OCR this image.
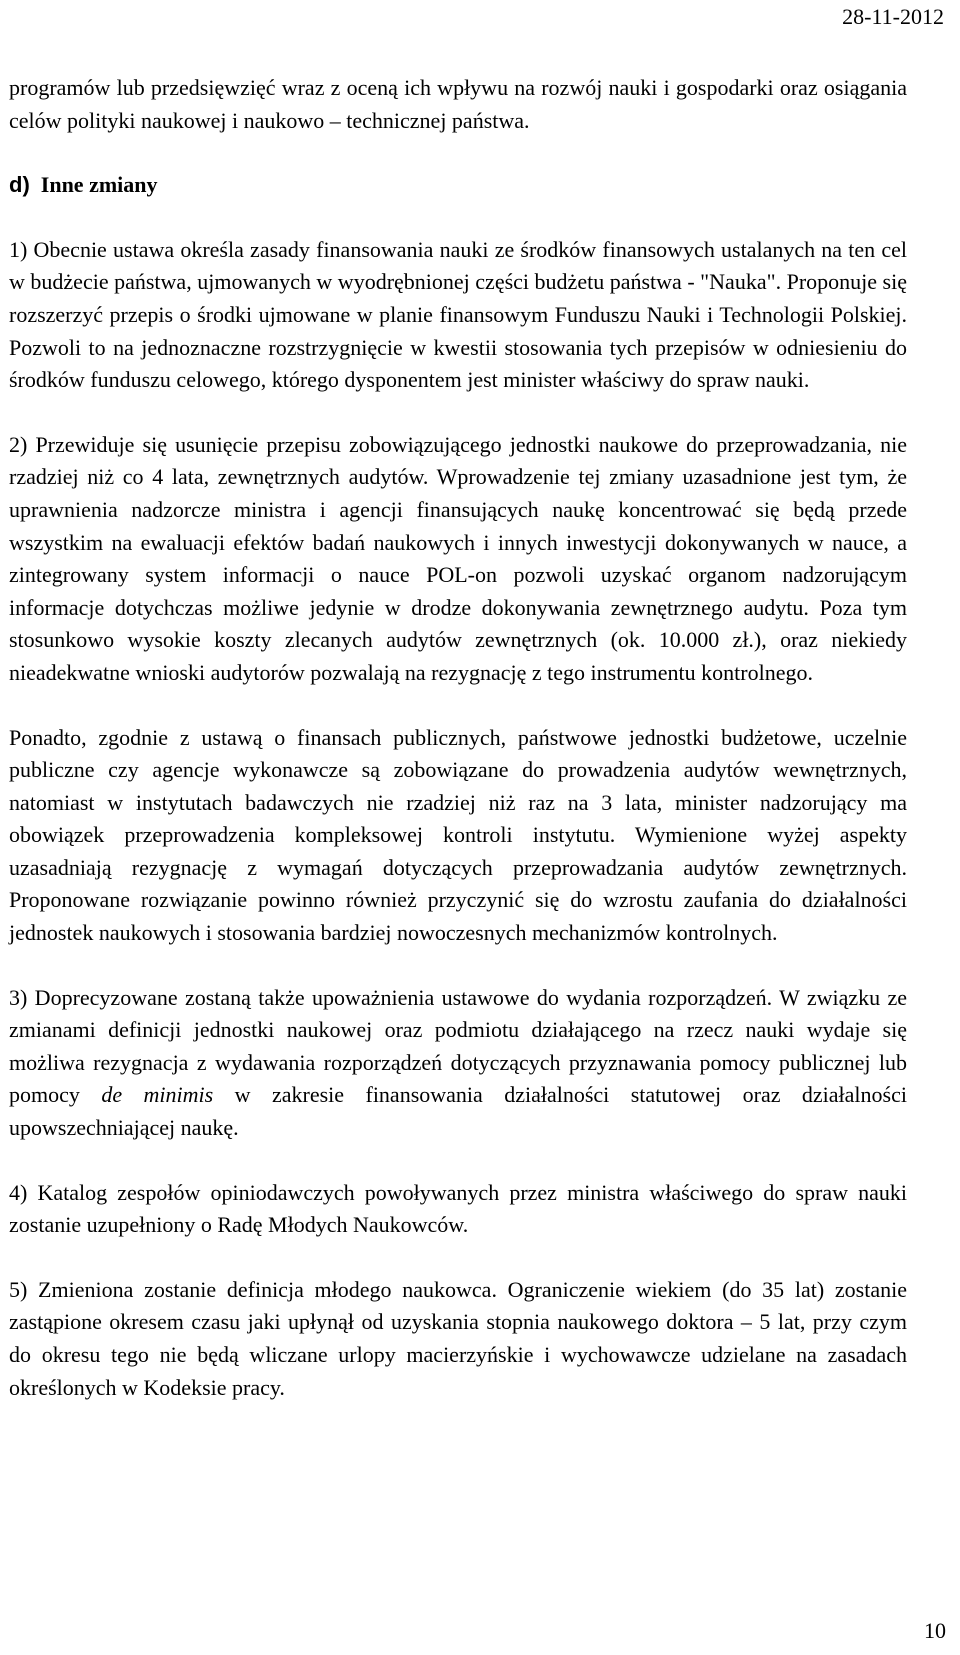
28-11-2012

programów lub przedsięwzięć wraz z oceną ich wpływu na rozwój nauki i gospodarki oraz osiągania celów polityki naukowej i naukowo – technicznej państwa.

d) Inne zmiany

1) Obecnie ustawa określa zasady finansowania nauki ze środków finansowych ustalanych na ten cel w budżecie państwa, ujmowanych w wyodrębnionej części budżetu państwa - "Nauka". Proponuje się rozszerzyć przepis o środki ujmowane w planie finansowym Funduszu Nauki i Technologii Polskiej. Pozwoli to na jednoznaczne rozstrzygnięcie w kwestii stosowania tych przepisów w odniesieniu do środków funduszu celowego, którego dysponentem jest minister właściwy do spraw nauki.

2) Przewiduje się usunięcie przepisu zobowiązującego jednostki naukowe do przeprowadzania, nie rzadziej niż co 4 lata, zewnętrznych audytów. Wprowadzenie tej zmiany uzasadnione jest tym, że uprawnienia nadzorcze ministra i agencji finansujących naukę koncentrować się będą przede wszystkim na ewaluacji efektów badań naukowych i innych inwestycji dokonywanych w nauce, a zintegrowany system informacji o nauce POL-on pozwoli uzyskać organom nadzorującym informacje dotychczas możliwe jedynie w drodze dokonywania zewnętrznego audytu. Poza tym stosunkowo wysokie koszty zlecanych audytów zewnętrznych (ok. 10.000 zł.), oraz niekiedy nieadekwatne wnioski audytorów pozwalają na rezygnację z tego instrumentu kontrolnego.

Ponadto, zgodnie z ustawą o finansach publicznych, państwowe jednostki budżetowe, uczelnie publiczne czy agencje wykonawcze są zobowiązane do prowadzenia audytów wewnętrznych, natomiast w instytutach badawczych nie rzadziej niż raz na 3 lata, minister nadzorujący ma obowiązek przeprowadzenia kompleksowej kontroli instytutu. Wymienione wyżej aspekty uzasadniają rezygnację z wymagań dotyczących przeprowadzania audytów zewnętrznych. Proponowane rozwiązanie powinno również przyczynić się do wzrostu zaufania do działalności jednostek naukowych i stosowania bardziej nowoczesnych mechanizmów kontrolnych.

3) Doprecyzowane zostaną także upoważnienia ustawowe do wydania rozporządzeń. W związku ze zmianami definicji jednostki naukowej oraz podmiotu działającego na rzecz nauki wydaje się możliwa rezygnacja z wydawania rozporządzeń dotyczących przyznawania pomocy publicznej lub pomocy de minimis w zakresie finansowania działalności statutowej oraz działalności upowszechniającej naukę.

4) Katalog zespołów opiniodawczych powoływanych przez ministra właściwego do spraw nauki zostanie uzupełniony o Radę Młodych Naukowców.

5) Zmieniona zostanie definicja młodego naukowca. Ograniczenie wiekiem (do 35 lat) zostanie zastąpione okresem czasu jaki upłynął od uzyskania stopnia naukowego doktora – 5 lat, przy czym do okresu tego nie będą wliczane urlopy macierzyńskie i wychowawcze udzielane na zasadach określonych w Kodeksie pracy.

10
